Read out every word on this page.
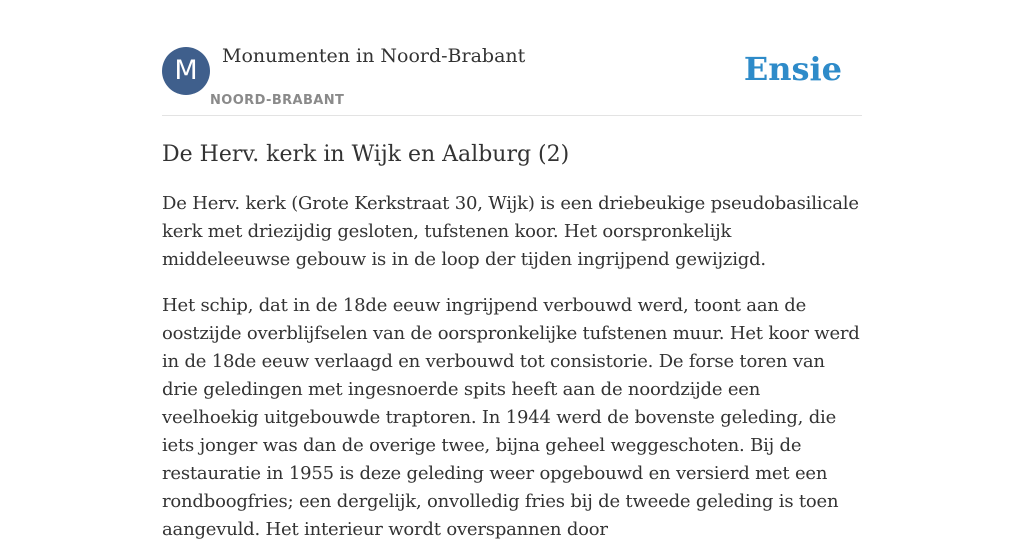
M	Monumenten in Noord-Brabant
NOORD-BRABANT
Ensie
De Herv. kerk in Wijk en Aalburg (2)

De Herv. kerk (Grote Kerkstraat 30, Wijk) is een driebeukige pseudobasilicale kerk met driezijdig gesloten, tufstenen koor. Het oorspronkelijk middeleeuwse gebouw is in de loop der tijden ingrijpend gewijzigd.

Het schip, dat in de 18de eeuw ingrijpend verbouwd werd, toont aan de oostzijde overblijfselen van de oorspronkelijke tufstenen muur. Het koor werd in de 18de eeuw verlaagd en verbouwd tot consistorie. De forse toren van drie geledingen met ingesnoerde spits heeft aan de noordzijde een veelhoekig uitgebouwde traptoren. In 1944 werd de bovenste geleding, die iets jonger was dan de overige twee, bijna geheel weggeschoten. Bij de restauratie in 1955 is deze geleding weer opgebouwd en versierd met een rondboogfries; een dergelijk, onvolledig fries bij de tweede geleding is toen aangevuld. Het interieur wordt overspannen door
